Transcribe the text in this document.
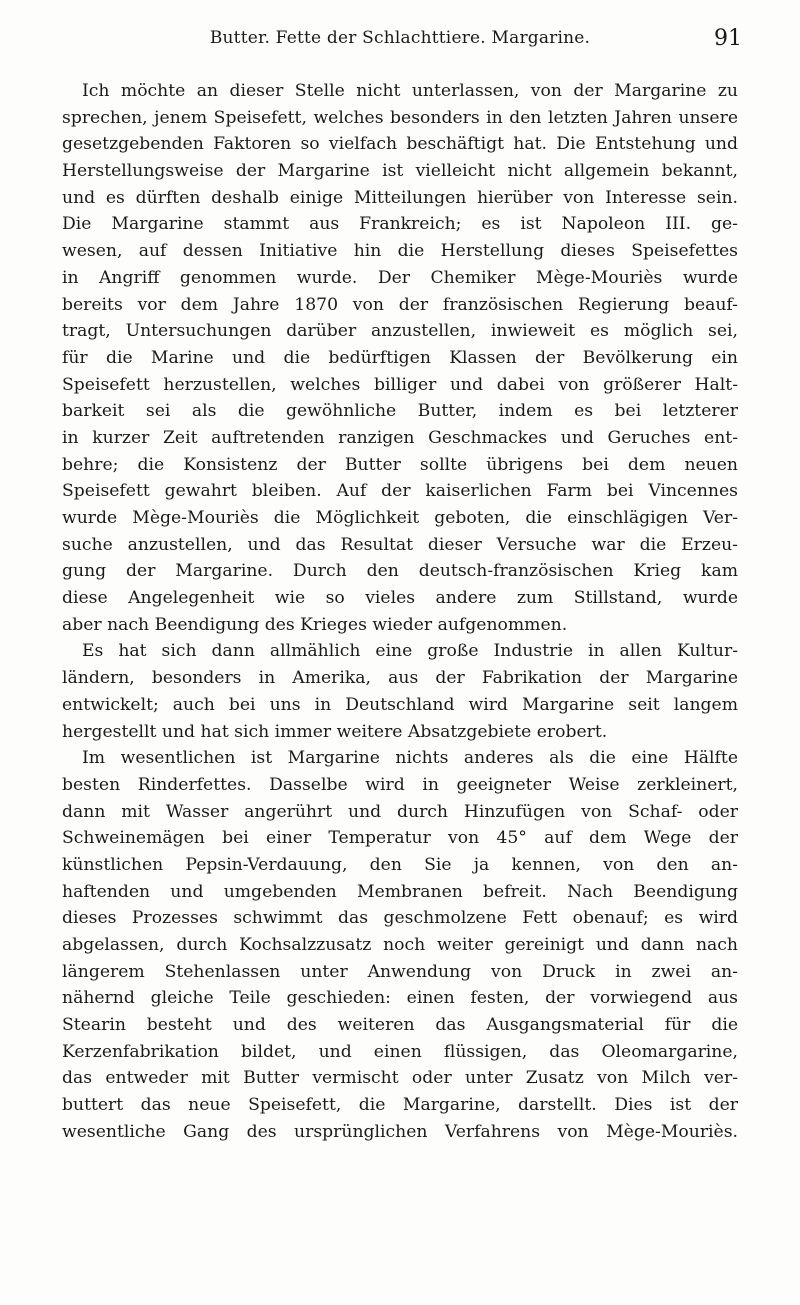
Butter. Fette der Schlachttiere. Margarine.	91
Ich möchte an dieser Stelle nicht unterlassen, von der Margarine zu
sprechen, jenem Speisefett, welches besonders in den letzten Jahren unsere
gesetzgebenden Faktoren so vielfach beschäftigt hat. Die Entstehung und
Herstellungsweise der Margarine ist vielleicht nicht allgemein bekannt,
und es dürften deshalb einige Mitteilungen hierüber von Interesse sein.
Die Margarine stammt aus Frankreich; es ist Napoleon III. ge-
wesen, auf dessen Initiative hin die Herstellung dieses Speisefettes
in Angriff genommen wurde. Der Chemiker Mège-Mouriès wurde
bereits vor dem Jahre 1870 von der französischen Regierung beauf-
tragt, Untersuchungen darüber anzustellen, inwieweit es möglich sei,
für die Marine und die bedürftigen Klassen der Bevölkerung ein
Speisefett herzustellen, welches billiger und dabei von größerer Halt-
barkeit sei als die gewöhnliche Butter, indem es bei letzterer
in kurzer Zeit auftretenden ranzigen Geschmackes und Geruches ent-
behre; die Konsistenz der Butter sollte übrigens bei dem neuen
Speisefett gewahrt bleiben. Auf der kaiserlichen Farm bei Vincennes
wurde Mège-Mouriès die Möglichkeit geboten, die einschlägigen Ver-
suche anzustellen, und das Resultat dieser Versuche war die Erzeu-
gung der Margarine. Durch den deutsch-französischen Krieg kam
diese Angelegenheit wie so vieles andere zum Stillstand, wurde
aber nach Beendigung des Krieges wieder aufgenommen.
Es hat sich dann allmählich eine große Industrie in allen Kultur-
ländern, besonders in Amerika, aus der Fabrikation der Margarine
entwickelt; auch bei uns in Deutschland wird Margarine seit langem
hergestellt und hat sich immer weitere Absatzgebiete erobert.
Im wesentlichen ist Margarine nichts anderes als die eine Hälfte
besten Rinderfettes. Dasselbe wird in geeigneter Weise zerkleinert,
dann mit Wasser angerührt und durch Hinzufügen von Schaf- oder
Schweinemägen bei einer Temperatur von 45° auf dem Wege der
künstlichen Pepsin-Verdauung, den Sie ja kennen, von den an-
haftenden und umgebenden Membranen befreit. Nach Beendigung
dieses Prozesses schwimmt das geschmolzene Fett obenauf; es wird
abgelassen, durch Kochsalzzusatz noch weiter gereinigt und dann nach
längerem Stehenlassen unter Anwendung von Druck in zwei an-
nähernd gleiche Teile geschieden: einen festen, der vorwiegend aus
Stearin besteht und des weiteren das Ausgangsmaterial für die
Kerzenfabrikation bildet, und einen flüssigen, das Oleomargarine,
das entweder mit Butter vermischt oder unter Zusatz von Milch ver-
buttert das neue Speisefett, die Margarine, darstellt. Dies ist der
wesentliche Gang des ursprünglichen Verfahrens von Mège-Mouriès.
